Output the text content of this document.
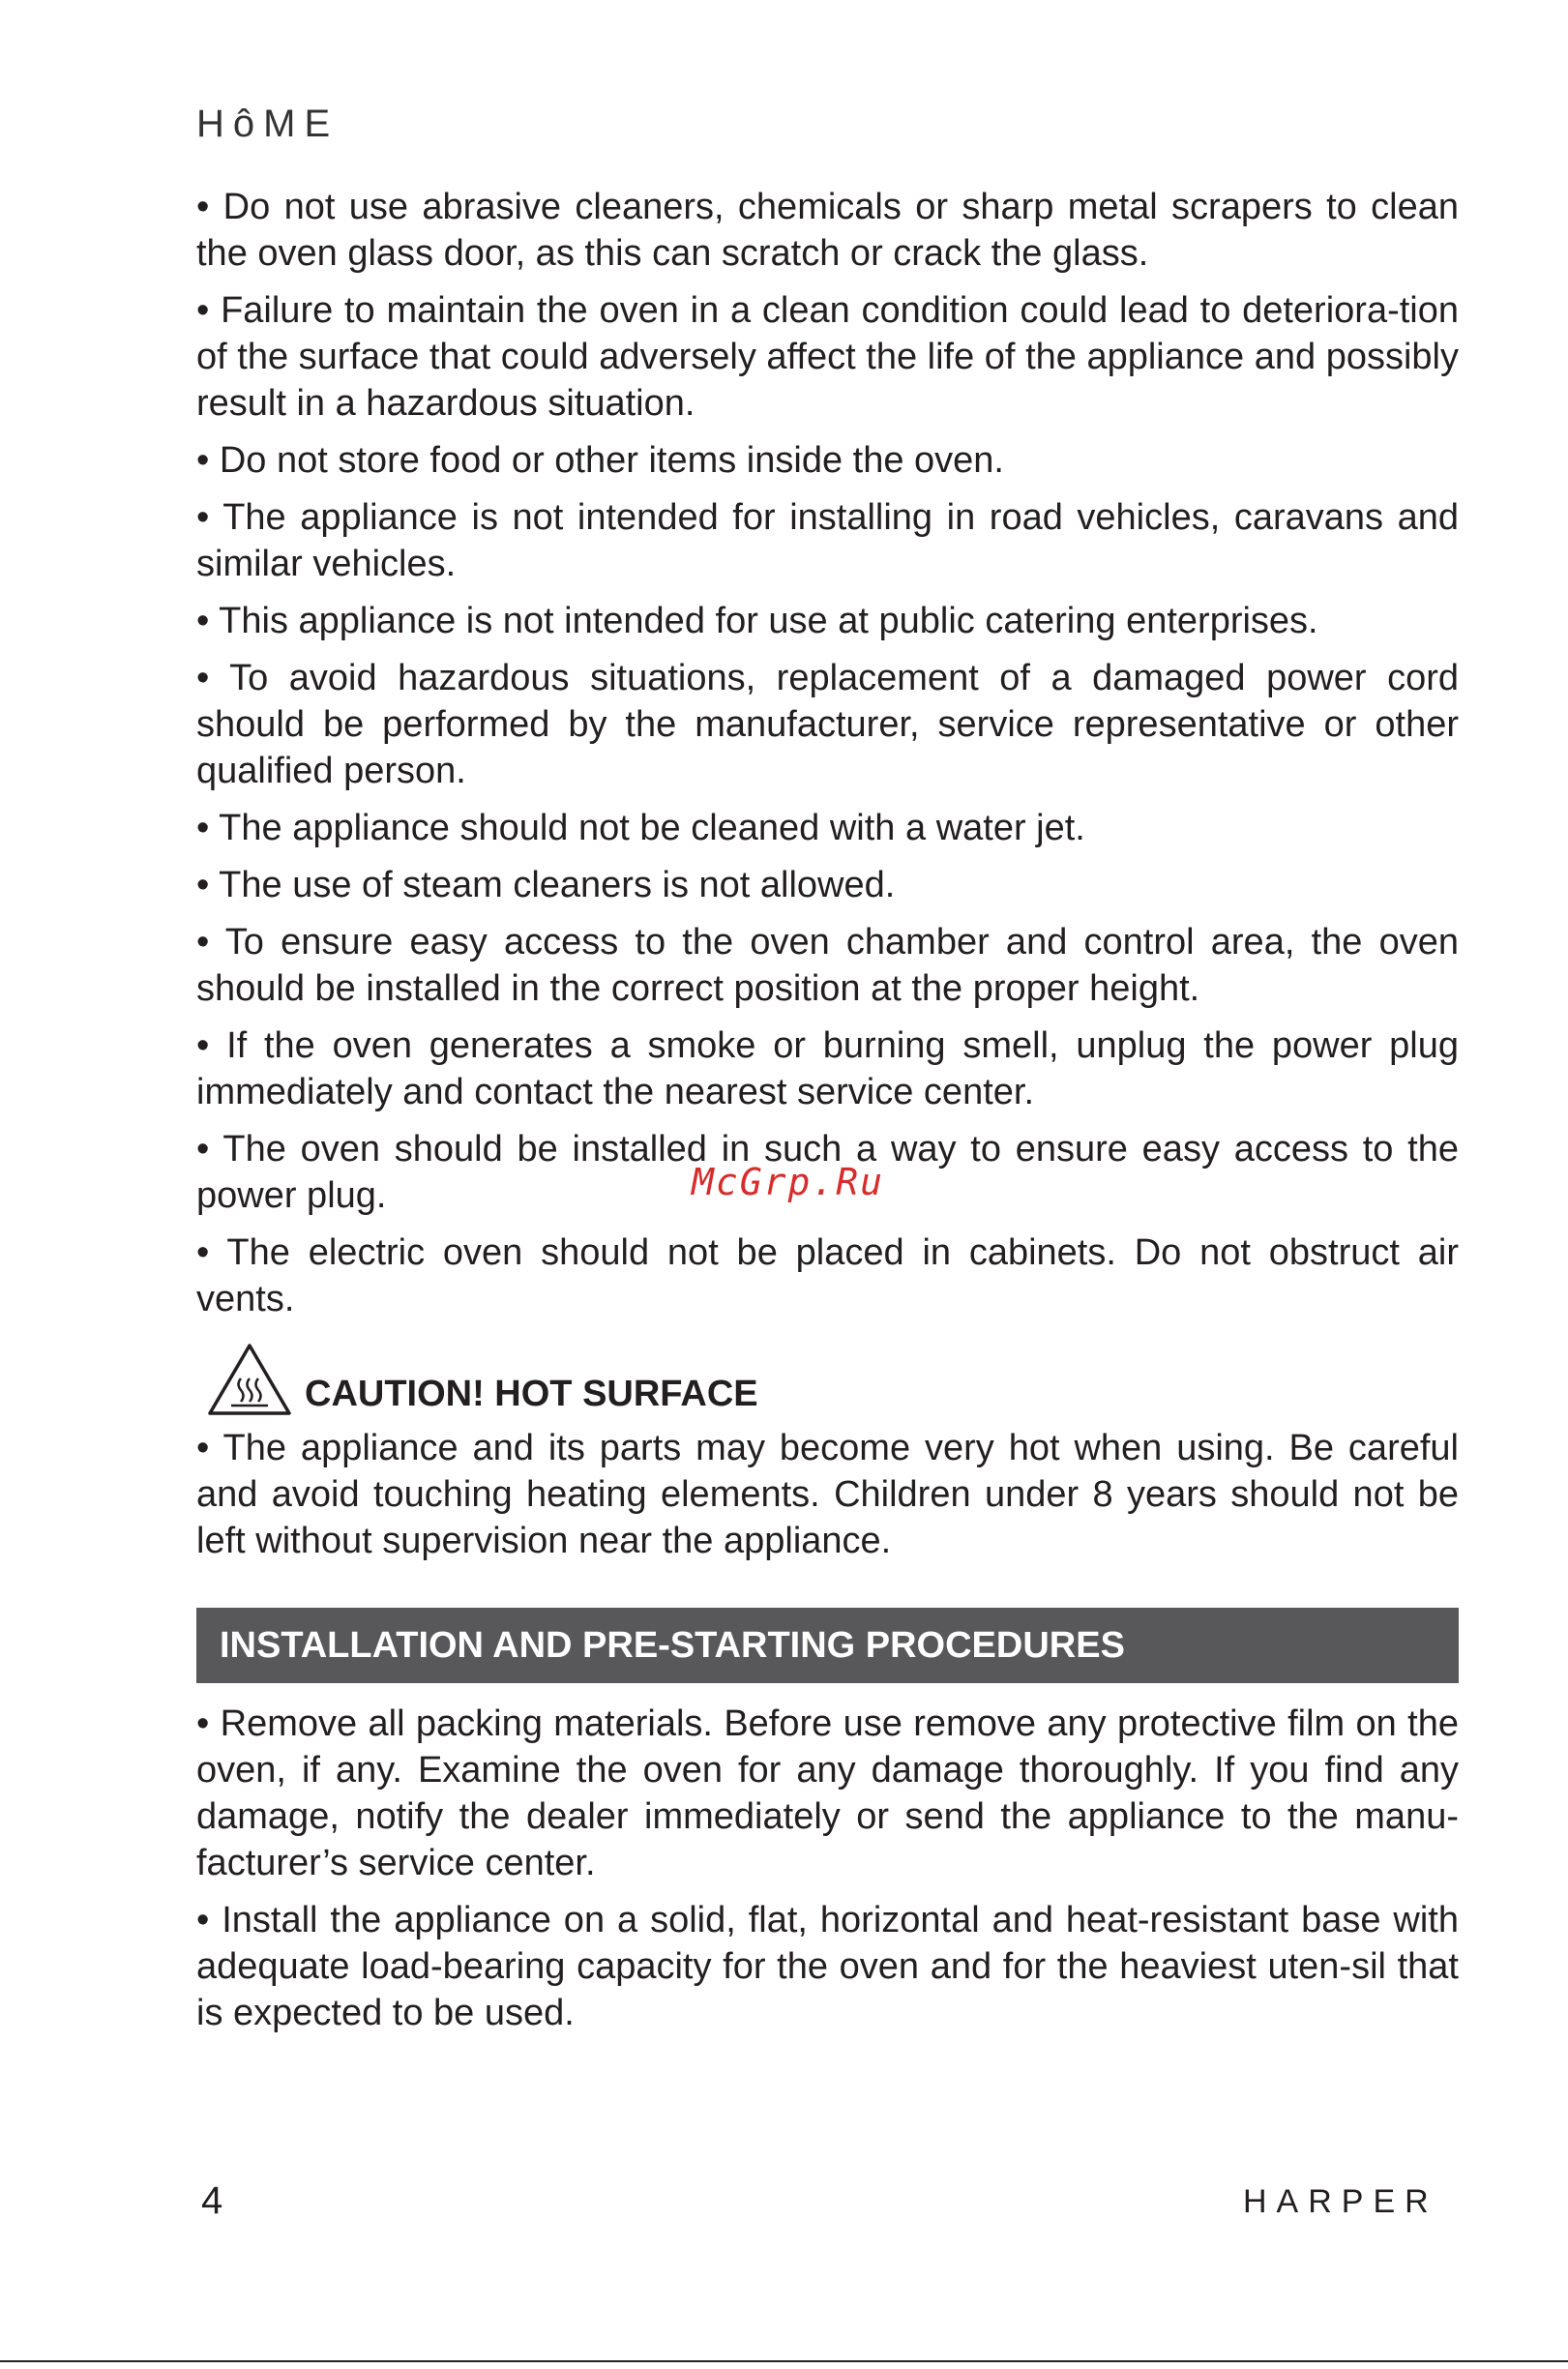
HôME

• Do not use abrasive cleaners, chemicals or sharp metal scrapers to clean the oven glass door, as this can scratch or crack the glass.

• Failure to maintain the oven in a clean condition could lead to deteriora-tion of the surface that could adversely affect the life of the appliance and possibly result in a hazardous situation.

• Do not store food or other items inside the oven.

• The appliance is not intended for installing in road vehicles, caravans and similar vehicles.

• This appliance is not intended for use at public catering enterprises.

• To avoid hazardous situations, replacement of a damaged power cord should be performed by the manufacturer, service representative or other qualified person.

• The appliance should not be cleaned with a water jet.

• The use of steam cleaners is not allowed.

• To ensure easy access to the oven chamber and control area, the oven should be installed in the correct position at the proper height.

• If the oven generates a smoke or burning smell, unplug the power plug immediately and contact the nearest service center.

• The oven should be installed in such a way to ensure easy access to the power plug.

• The electric oven should not be placed in cabinets. Do not obstruct air vents.

CAUTION! HOT SURFACE

• The appliance and its parts may become very hot when using. Be careful and avoid touching heating elements. Children under 8 years should not be left without supervision near the appliance.

INSTALLATION AND PRE-STARTING PROCEDURES

• Remove all packing materials. Before use remove any protective film on the oven, if any. Examine the oven for any damage thoroughly. If you find any damage, notify the dealer immediately or send the appliance to the manu-facturer’s service center.

• Install the appliance on a solid, flat, horizontal and heat-resistant base with adequate load-bearing capacity for the oven and for the heaviest uten-sil that is expected to be used.

McGrp.Ru
4	HARPER
